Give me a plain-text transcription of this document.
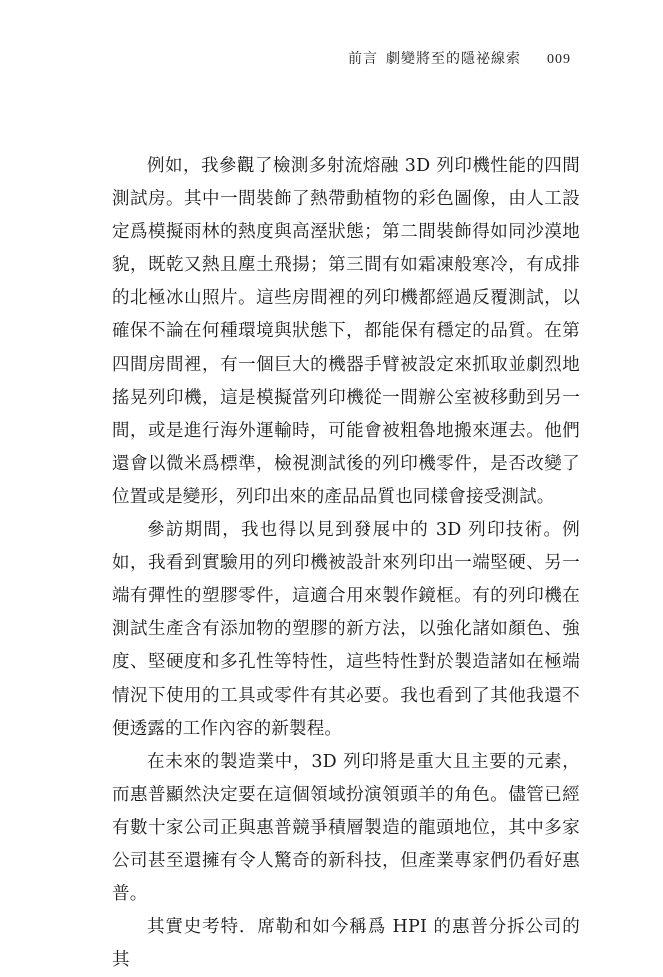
前言 劇變將至的隱祕線索 009

例如，我參觀了檢測多射流熔融 3D 列印機性能的四間測試房。其中一間裝飾了熱帶動植物的彩色圖像，由人工設定爲模擬雨林的熱度與高溼狀態；第二間裝飾得如同沙漠地貌，既乾又熱且塵土飛揚；第三間有如霜凍般寒冷，有成排的北極冰山照片。這些房間裡的列印機都經過反覆測試，以確保不論在何種環境與狀態下，都能保有穩定的品質。在第四間房間裡，有一個巨大的機器手臂被設定來抓取並劇烈地搖晃列印機，這是模擬當列印機從一間辦公室被移動到另一間，或是進行海外運輸時，可能會被粗魯地搬來運去。他們還會以微米爲標準，檢視測試後的列印機零件，是否改變了位置或是變形，列印出來的產品品質也同樣會接受測試。

參訪期間，我也得以見到發展中的 3D 列印技術。例如，我看到實驗用的列印機被設計來列印出一端堅硬、另一端有彈性的塑膠零件，這適合用來製作鏡框。有的列印機在測試生產含有添加物的塑膠的新方法，以強化諸如顏色、強度、堅硬度和多孔性等特性，這些特性對於製造諸如在極端情況下使用的工具或零件有其必要。我也看到了其他我還不便透露的工作內容的新製程。

在未來的製造業中，3D 列印將是重大且主要的元素，而惠普顯然決定要在這個領域扮演領頭羊的角色。儘管已經有數十家公司正與惠普競爭積層製造的龍頭地位，其中多家公司甚至還擁有令人驚奇的新科技，但產業專家們仍看好惠普。

其實史考特．席勒和如今稱爲 HPI 的惠普分拆公司的其
